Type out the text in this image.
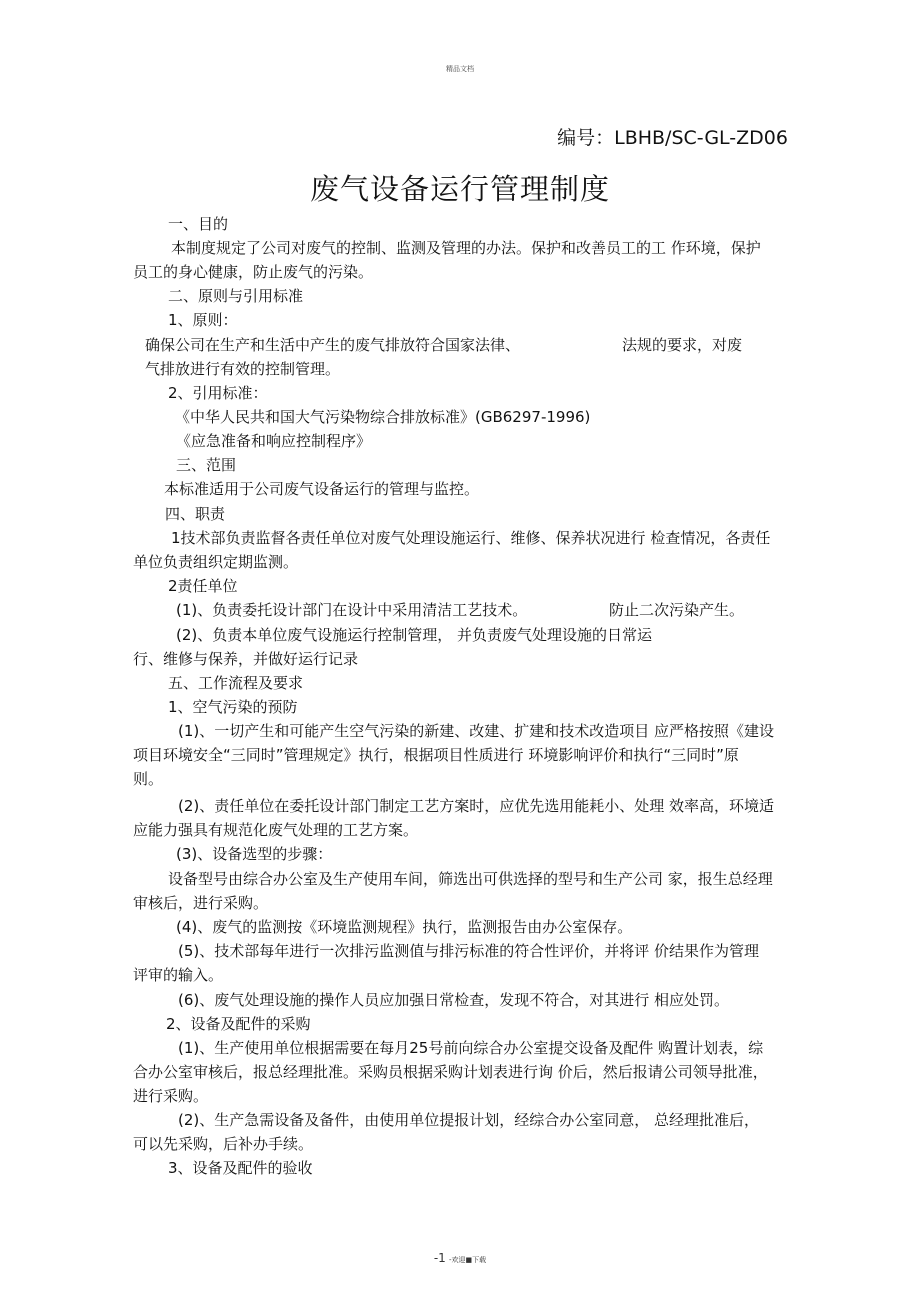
精品文档
编号：LBHB/SC-GL-ZD06
废气设备运行管理制度
一、目的
本制度规定了公司对废气的控制、监测及管理的办法。保护和改善员工的工 作环境，保护
员工的身心健康，防止废气的污染。
二、原则与引用标准
1、原则：
确保公司在生产和生活中产生的废气排放符合国家法律、	法规的要求，对废
气排放进行有效的控制管理。
2、引用标准：
《中华人民共和国大气污染物综合排放标准》(GB6297-1996)
《应急准备和响应控制程序》
三、范围
本标准适用于公司废气设备运行的管理与监控。
四、职责
1技术部负责监督各责任单位对废气处理设施运行、维修、保养状况进行 检查情况，各责任
单位负责组织定期监测。
2责任单位
(1)、负责委托设计部门在设计中采用清洁工艺技术。	防止二次污染产生。
(2)、负责本单位废气设施运行控制管理， 并负责废气处理设施的日常运
行、维修与保养，并做好运行记录
五、工作流程及要求
1、空气污染的预防
(1)、一切产生和可能产生空气污染的新建、改建、扩建和技术改造项目 应严格按照《建设
项目环境安全“三同时”管理规定》执行，根据项目性质进行 环境影响评价和执行“三同时”原
则。
(2)、责任单位在委托设计部门制定工艺方案时，应优先选用能耗小、处理 效率高，环境适
应能力强具有规范化废气处理的工艺方案。
(3)、设备选型的步骤：
设备型号由综合办公室及生产使用车间，筛选出可供选择的型号和生产公司 家，报生总经理
审核后，进行采购。
(4)、废气的监测按《环境监测规程》执行，监测报告由办公室保存。
(5)、技术部每年进行一次排污监测值与排污标准的符合性评价，并将评 价结果作为管理
评审的输入。
(6)、废气处理设施的操作人员应加强日常检查，发现不符合，对其进行 相应处罚。
2、设备及配件的采购
(1)、生产使用单位根据需要在每月25号前向综合办公室提交设备及配件 购置计划表，综
合办公室审核后，报总经理批准。采购员根据采购计划表进行询 价后，然后报请公司领导批准，
进行采购。
(2)、生产急需设备及备件，由使用单位提报计划，经综合办公室同意， 总经理批准后，
可以先采购，后补办手续。
3、设备及配件的验收
-1 -欢迎■下载
